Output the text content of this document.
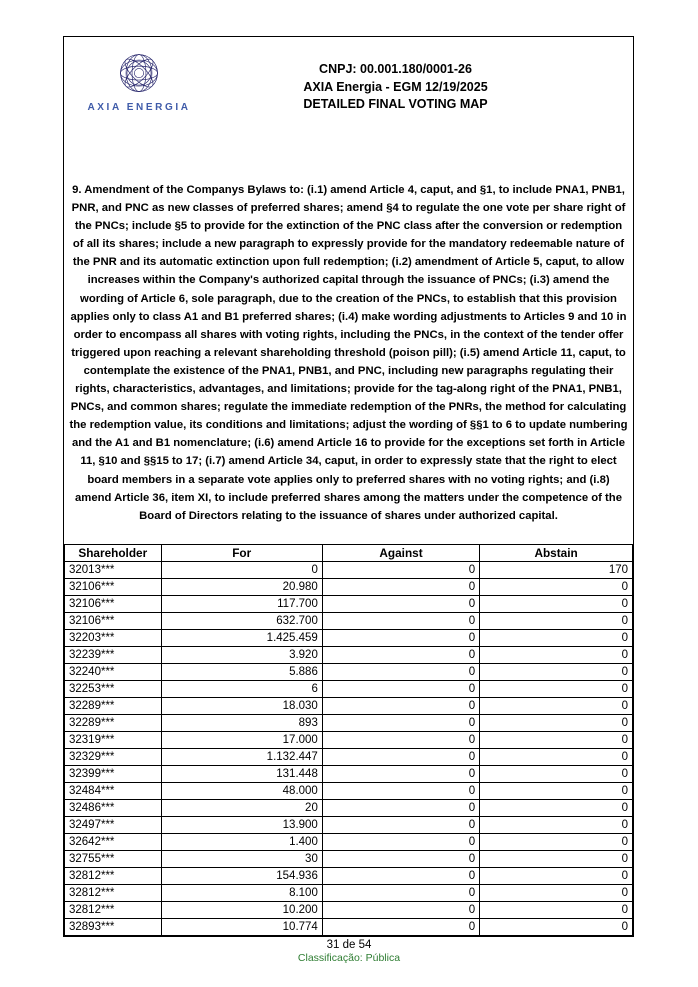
AXIA ENERGIA
CNPJ: 00.001.180/0001-26
AXIA Energia - EGM 12/19/2025
DETAILED FINAL VOTING MAP

9. Amendment of the Companys Bylaws to: (i.1) amend Article 4, caput, and §1, to include PNA1, PNB1, PNR, and PNC as new classes of preferred shares; amend §4 to regulate the one vote per share right of the PNCs; include §5 to provide for the extinction of the PNC class after the conversion or redemption of all its shares; include a new paragraph to expressly provide for the mandatory redeemable nature of the PNR and its automatic extinction upon full redemption; (i.2) amendment of Article 5, caput, to allow increases within the Company's authorized capital through the issuance of PNCs; (i.3) amend the wording of Article 6, sole paragraph, due to the creation of the PNCs, to establish that this provision applies only to class A1 and B1 preferred shares; (i.4) make wording adjustments to Articles 9 and 10 in order to encompass all shares with voting rights, including the PNCs, in the context of the tender offer triggered upon reaching a relevant shareholding threshold (poison pill); (i.5) amend Article 11, caput, to contemplate the existence of the PNA1, PNB1, and PNC, including new paragraphs regulating their rights, characteristics, advantages, and limitations; provide for the tag-along right of the PNA1, PNB1, PNCs, and common shares; regulate the immediate redemption of the PNRs, the method for calculating the redemption value, its conditions and limitations; adjust the wording of §§1 to 6 to update numbering and the A1 and B1 nomenclature; (i.6) amend Article 16 to provide for the exceptions set forth in Article 11, §10 and §§15 to 17; (i.7) amend Article 34, caput, in order to expressly state that the right to elect board members in a separate vote applies only to preferred shares with no voting rights; and (i.8) amend Article 36, item XI, to include preferred shares among the matters under the competence of the Board of Directors relating to the issuance of shares under authorized capital.

Shareholder	For	Against	Abstain
32013***	0	0	170
32106***	20.980	0	0
32106***	117.700	0	0
32106***	632.700	0	0
32203***	1.425.459	0	0
32239***	3.920	0	0
32240***	5.886	0	0
32253***	6	0	0
32289***	18.030	0	0
32289***	893	0	0
32319***	17.000	0	0
32329***	1.132.447	0	0
32399***	131.448	0	0
32484***	48.000	0	0
32486***	20	0	0
32497***	13.900	0	0
32642***	1.400	0	0
32755***	30	0	0
32812***	154.936	0	0
32812***	8.100	0	0
32812***	10.200	0	0
32893***	10.774	0	0
31 de 54
Classificação: Pública
